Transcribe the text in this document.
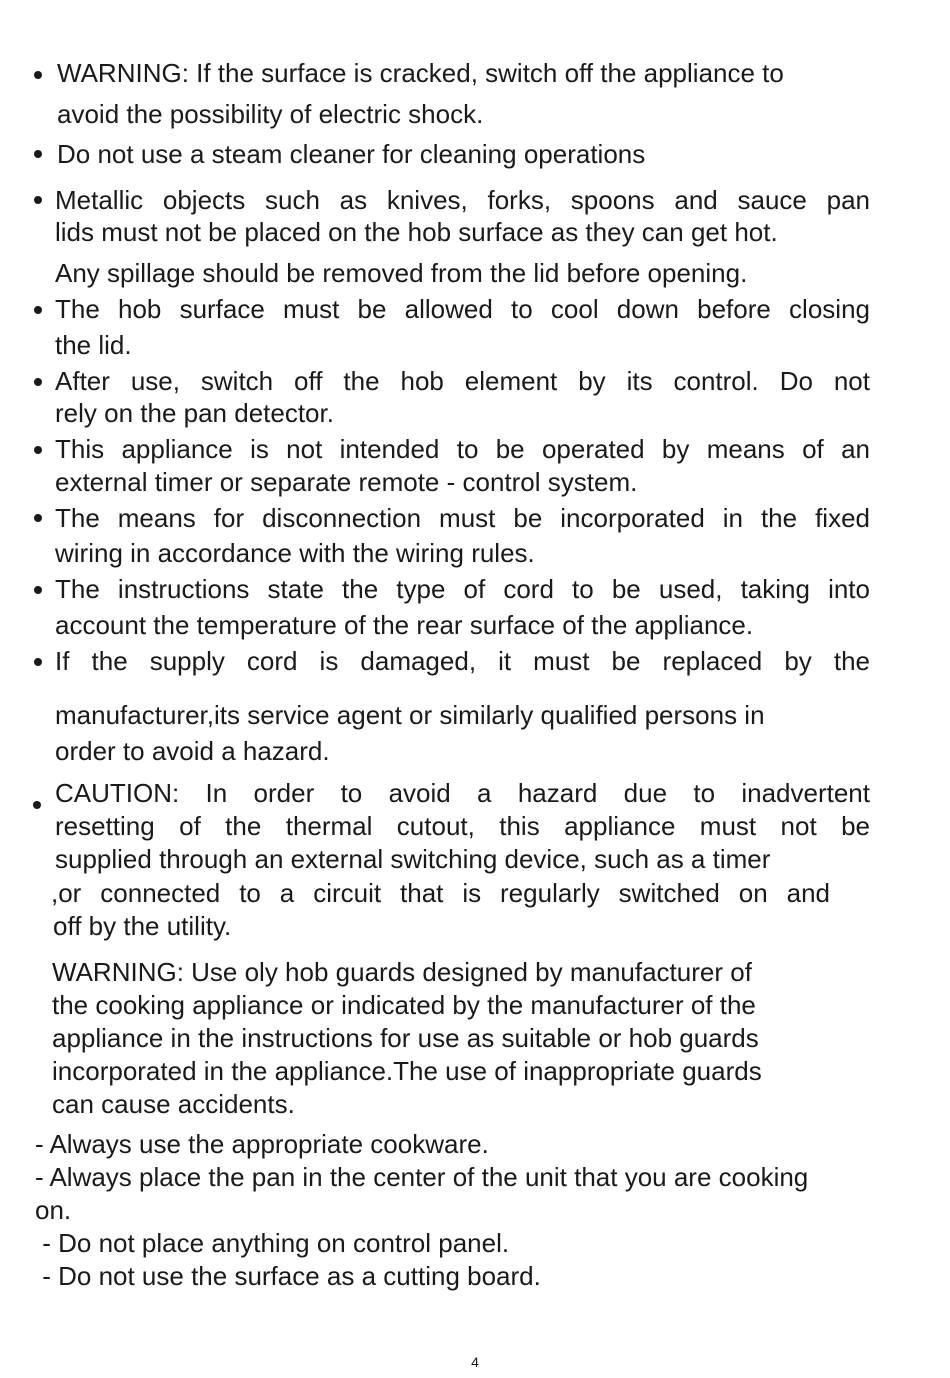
WARNING: If the surface is cracked, switch off the appliance to
avoid the possibility of electric shock.
Do not use a steam cleaner for cleaning operations
Metallic objects such as knives, forks, spoons and sauce pan
lids must not be placed on the hob surface as they can get hot.
Any spillage should be removed from the lid before opening.
The hob surface must be allowed to cool down before closing
the lid.
After use, switch off the hob element by its control. Do not
rely on the pan detector.
This appliance is not intended to be operated by means of an
external timer or separate remote - control system.
The means for disconnection must be incorporated in the fixed
wiring in accordance with the wiring rules.
The instructions state the type of cord to be used, taking into
account the temperature of the rear surface of the appliance.
If the supply cord is damaged, it must be replaced by the
manufacturer,its service agent or similarly qualified persons in
order to avoid a hazard.
CAUTION: In order to avoid a hazard due to inadvertent
resetting of the thermal cutout, this appliance must not be
supplied through an external switching device, such as a timer
,or connected to a circuit that is regularly switched on and
off by the utility.
WARNING: Use oly hob guards designed by manufacturer of
the cooking appliance or indicated by the manufacturer of the
appliance in the instructions for use as suitable or hob guards
incorporated in the appliance.The use of inappropriate guards
can cause accidents.
- Always use the appropriate cookware.
- Always place the pan in the center of the unit that you are cooking
on.
- Do not place anything on control panel.
- Do not use the surface as a cutting board.
4
